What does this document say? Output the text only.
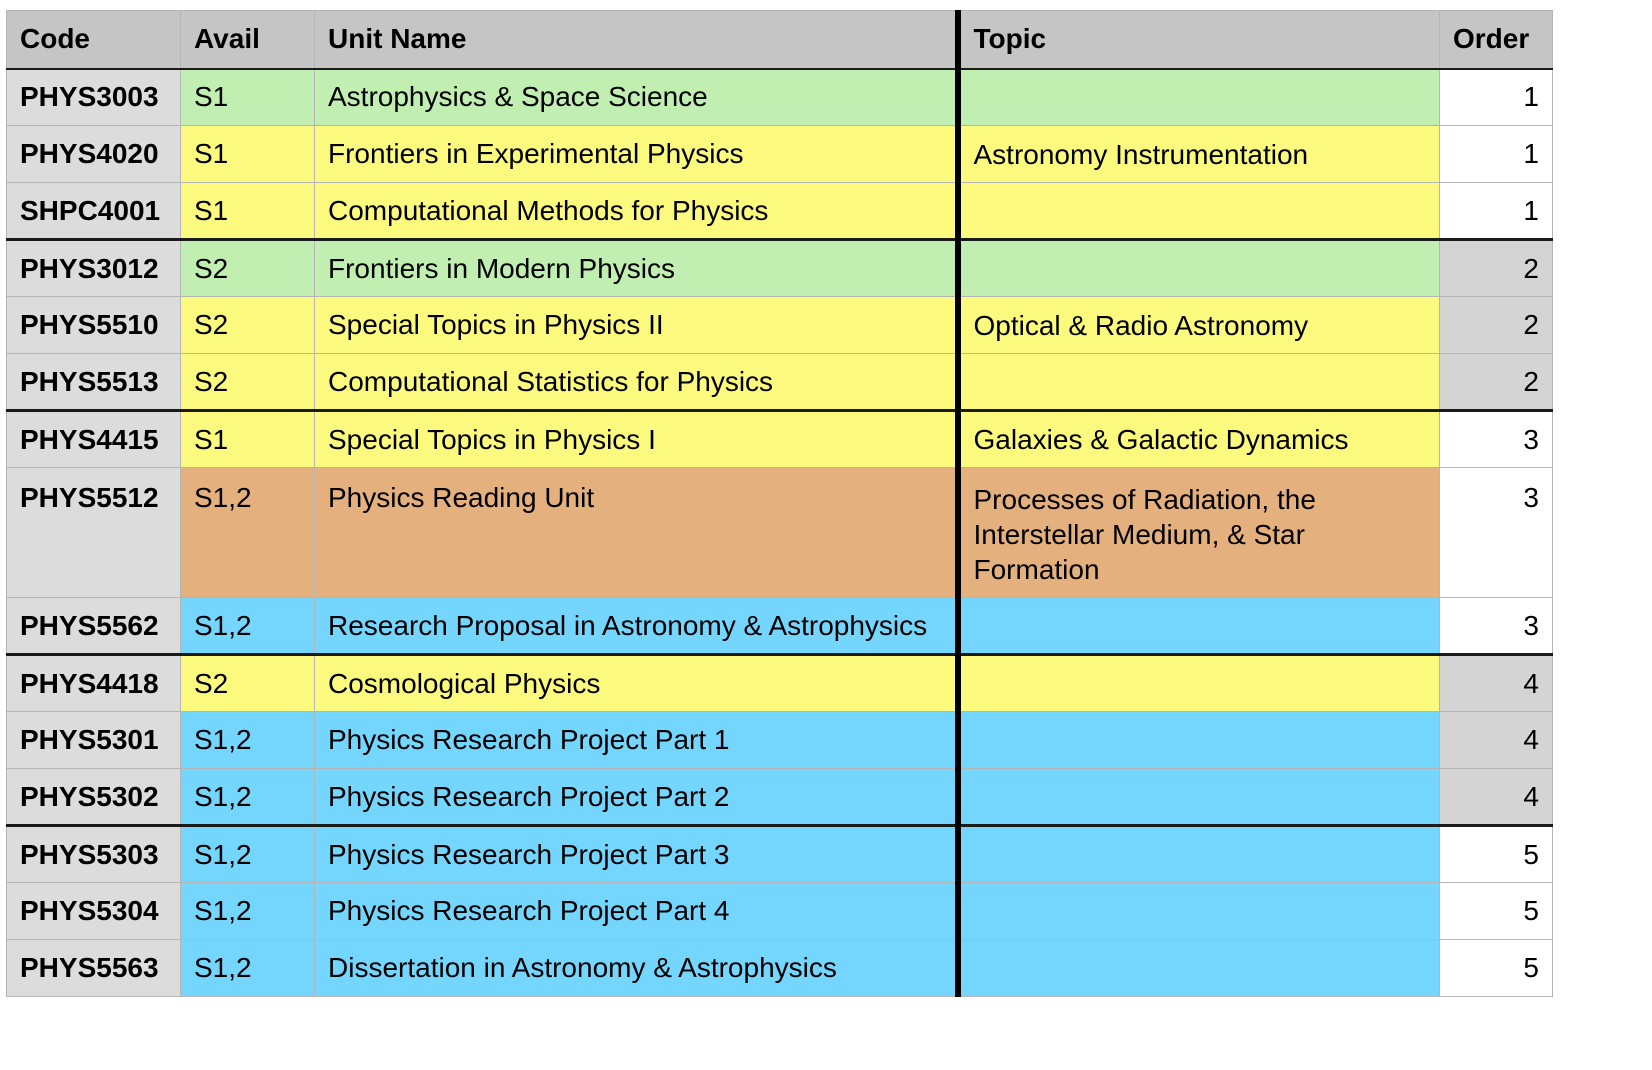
Code	Avail	Unit Name	Topic	Order
PHYS3003	S1	Astrophysics & Space Science		1
PHYS4020	S1	Frontiers in Experimental Physics	Astronomy Instrumentation	1
SHPC4001	S1	Computational Methods for Physics		1
PHYS3012	S2	Frontiers in Modern Physics		2
PHYS5510	S2	Special Topics in Physics II	Optical & Radio Astronomy	2
PHYS5513	S2	Computational Statistics for Physics		2
PHYS4415	S1	Special Topics in Physics I	Galaxies & Galactic Dynamics	3
PHYS5512	S1,2	Physics Reading Unit	Processes of Radiation, the Interstellar Medium, & Star Formation	3
PHYS5562	S1,2	Research Proposal in Astronomy & Astrophysics		3
PHYS4418	S2	Cosmological Physics		4
PHYS5301	S1,2	Physics Research Project Part 1		4
PHYS5302	S1,2	Physics Research Project Part 2		4
PHYS5303	S1,2	Physics Research Project Part 3		5
PHYS5304	S1,2	Physics Research Project Part 4		5
PHYS5563	S1,2	Dissertation in Astronomy & Astrophysics		5
